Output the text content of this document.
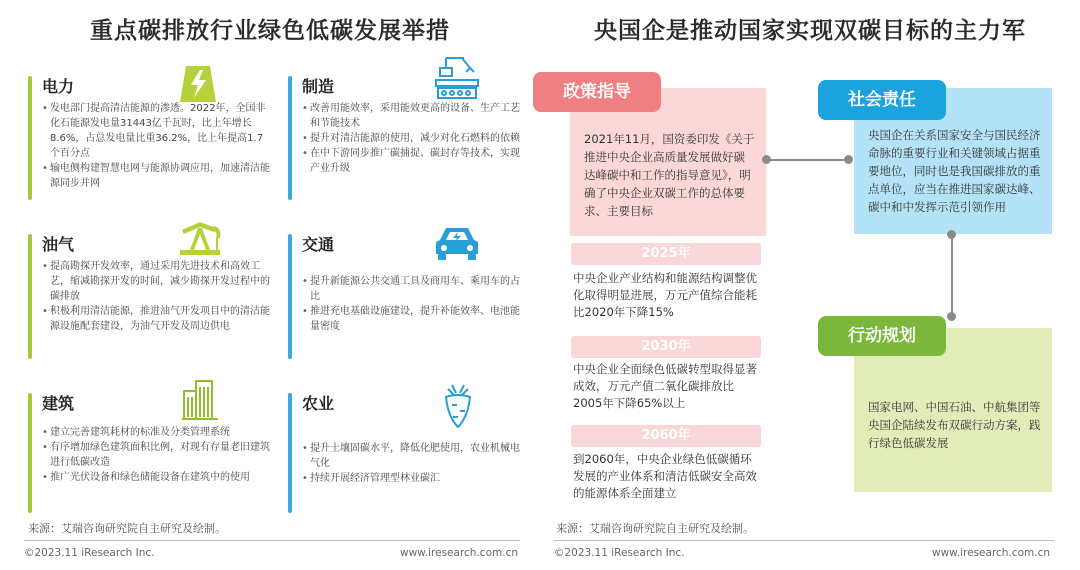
重点碳排放行业绿色低碳发展举措
电力
• 发电部门提高清洁能源的渗透。2022年，全国非化石能源发电量31443亿千瓦时，比上年增长8.6%，占总发电量比重36.2%，比上年提高1.7个百分点
• 输电侧构建智慧电网与能源协调应用，加速清洁能源同步并网
制造
• 改善用能效率，采用能效更高的设备、生产工艺和节能技术
• 提升对清洁能源的使用，减少对化石燃料的依赖
• 在中下游同步推广碳捕捉、碳封存等技术，实现产业升级
油气
• 提高勘探开发效率，通过采用先进技术和高效工艺，缩减勘探开发的时间，减少勘探开发过程中的碳排放
• 积极利用清洁能源，推进油气开发项目中的清洁能源设施配套建设，为油气开发及周边供电
交通
• 提升新能源公共交通工具及商用车、乘用车的占比
• 推进充电基础设施建设，提升补能效率、电池能量密度
建筑
• 建立完善建筑耗材的标准及分类管理系统
• 有序增加绿色建筑面积比例，对现有存量老旧建筑进行低碳改造
• 推广光伏设备和绿色储能设备在建筑中的使用
农业
• 提升土壤固碳水平，降低化肥使用，农业机械电气化
• 持续开展经济管理型林业碳汇
来源：艾瑞咨询研究院自主研究及绘制。
©2023.11 iResearch Inc.	www.iresearch.com.cn
央国企是推动国家实现双碳目标的主力军
2021年11月，国资委印发《关于推进中央企业高质量发展做好碳达峰碳中和工作的指导意见》，明确了中央企业双碳工作的总体要求、主要目标
政策指导
2025年
中央企业产业结构和能源结构调整优化取得明显进展，万元产值综合能耗比2020年下降15%
2030年
中央企业全面绿色低碳转型取得显著成效，万元产值二氧化碳排放比2005年下降65%以上
2060年
到2060年，中央企业绿色低碳循环发展的产业体系和清洁低碳安全高效的能源体系全面建立
央国企在关系国家安全与国民经济命脉的重要行业和关键领域占据重要地位，同时也是我国碳排放的重点单位，应当在推进国家碳达峰、碳中和中发挥示范引领作用
社会责任
国家电网、中国石油、中航集团等央国企陆续发布双碳行动方案，践行绿色低碳发展
行动规划
来源：艾瑞咨询研究院自主研究及绘制。
©2023.11 iResearch Inc.	www.iresearch.com.cn
